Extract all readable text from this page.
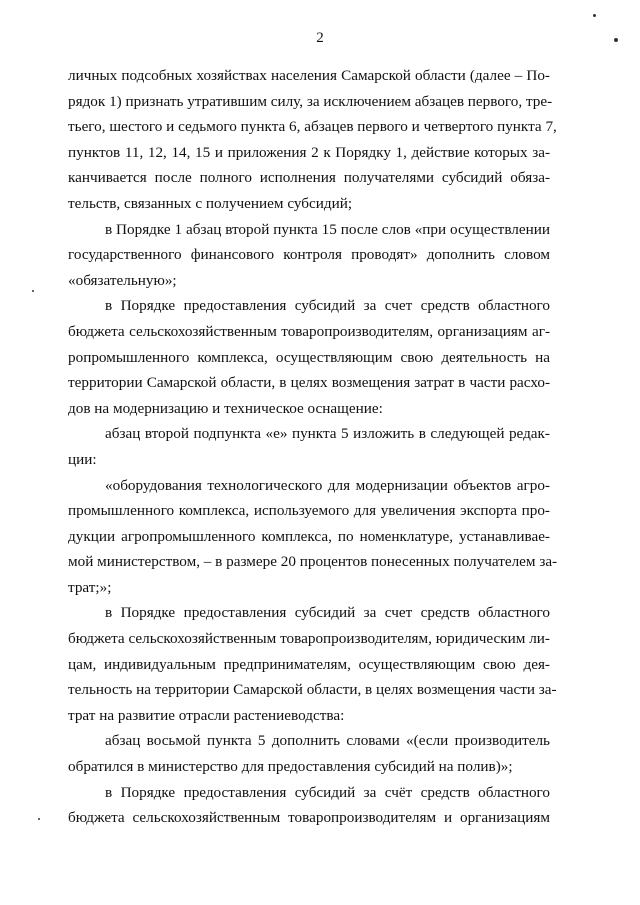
2
личных подсобных хозяйствах населения Самарской области (далее – По-
рядок 1) признать утратившим силу, за исключением абзацев первого, тре-
тьего, шестого и седьмого пункта 6, абзацев первого и четвертого пункта 7,
пунктов 11, 12, 14, 15 и приложения 2 к Порядку 1, действие которых за-
канчивается после полного исполнения получателями субсидий обяза-
тельств, связанных с получением субсидий;
в Порядке 1 абзац второй пункта 15 после слов «при осуществлении
государственного финансового контроля проводят» дополнить словом
«обязательную»;
в Порядке предоставления субсидий за счет средств областного
бюджета сельскохозяйственным товаропроизводителям, организациям аг-
ропромышленного комплекса, осуществляющим свою деятельность на
территории Самарской области, в целях возмещения затрат в части расхо-
дов на модернизацию и техническое оснащение:
абзац второй подпункта «е» пункта 5 изложить в следующей редак-
ции:
«оборудования технологического для модернизации объектов агро-
промышленного комплекса, используемого для увеличения экспорта про-
дукции агропромышленного комплекса, по номенклатуре, устанавливае-
мой министерством, – в размере 20 процентов понесенных получателем за-
трат;»;
в Порядке предоставления субсидий за счет средств областного
бюджета сельскохозяйственным товаропроизводителям, юридическим ли-
цам, индивидуальным предпринимателям, осуществляющим свою дея-
тельность на территории Самарской области, в целях возмещения части за-
трат на развитие отрасли растениеводства:
абзац восьмой пункта 5 дополнить словами «(если производитель
обратился в министерство для предоставления субсидий на полив)»;
в Порядке предоставления субсидий за счёт средств областного
бюджета сельскохозяйственным товаропроизводителям и организациям
